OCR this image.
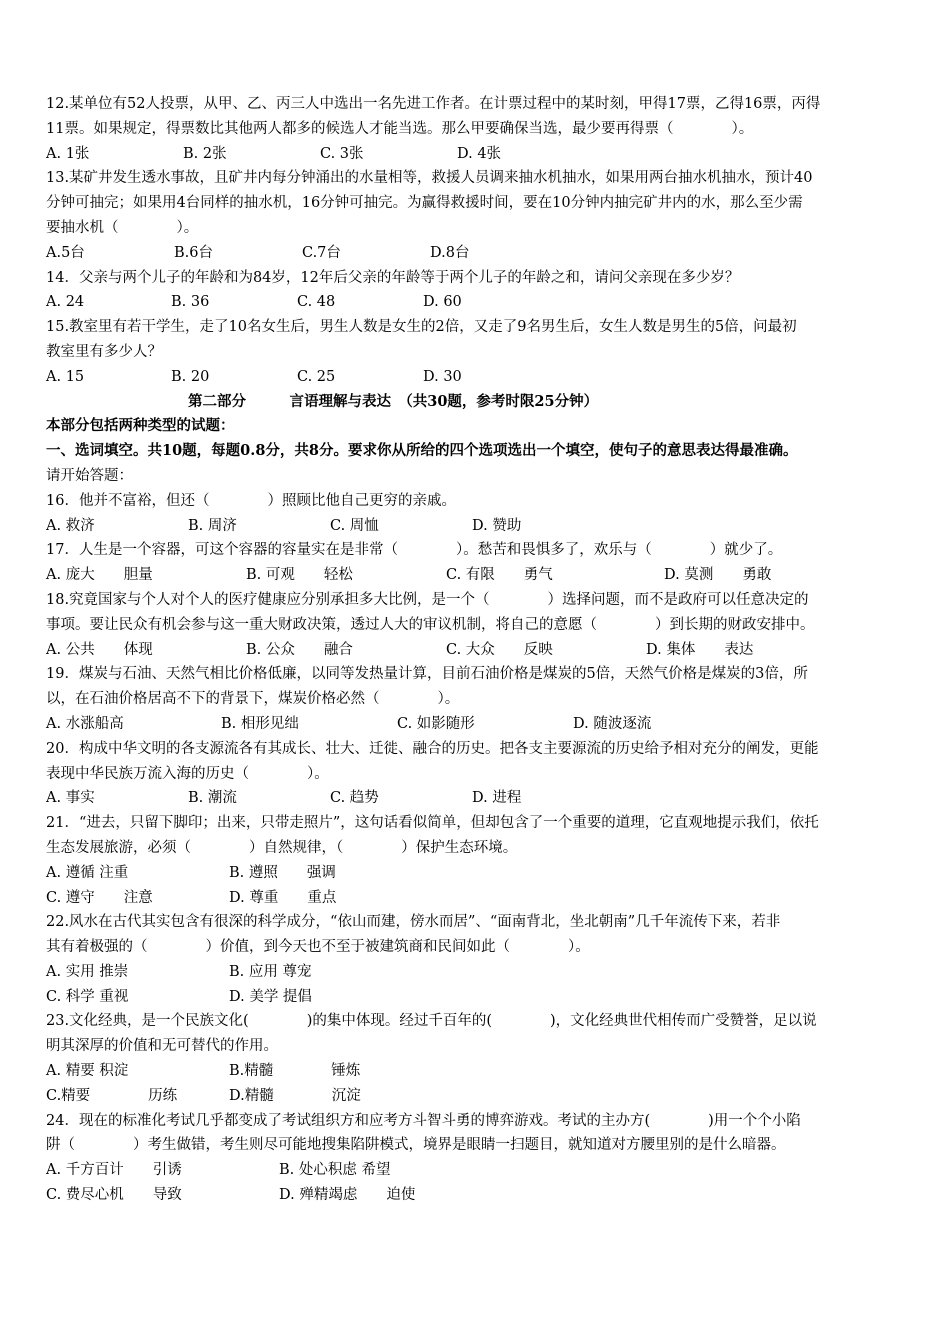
12.某单位有52人投票，从甲、乙、丙三人中选出一名先进工作者。在计票过程中的某时刻，甲得17票，乙得16票，丙得
11票。如果规定，得票数比其他两人都多的候选人才能当选。那么甲要确保当选，最少要再得票（　　　　）。
A. 1张	B. 2张	C. 3张	D. 4张
13.某矿井发生透水事故，且矿井内每分钟涌出的水量相等，救援人员调来抽水机抽水，如果用两台抽水机抽水，预计40
分钟可抽完；如果用4台同样的抽水机，16分钟可抽完。为赢得救援时间，要在10分钟内抽完矿井内的水，那么至少需
要抽水机（　　　　）。
A.5台	B.6台	C.7台	D.8台
14．父亲与两个儿子的年龄和为84岁，12年后父亲的年龄等于两个儿子的年龄之和，请问父亲现在多少岁？
A. 24	B. 36	C. 48	D. 60
15.教室里有若干学生，走了10名女生后，男生人数是女生的2倍，又走了9名男生后，女生人数是男生的5倍，问最初
教室里有多少人？
A. 15	B. 20	C. 25	D. 30
第二部分　　　言语理解与表达　（共30题，参考时限25分钟）
本部分包括两种类型的试题：
一、选词填空。共10题，每题0.8分，共8分。要求你从所给的四个选项选出一个填空，使句子的意思表达得最准确。
请开始答题：
16．他并不富裕，但还（　　　　）照顾比他自己更穷的亲戚。
A. 救济	B. 周济	C. 周恤	D. 赞助
17．人生是一个容器，可这个容器的容量实在是非常（　　　　）。愁苦和畏惧多了，欢乐与（　　　　）就少了。
A. 庞大　　胆量	B. 可观　　轻松	C. 有限　　勇气	D. 莫测　　勇敢
18.究竟国家与个人对个人的医疗健康应分别承担多大比例，是一个（　　　　）选择问题，而不是政府可以任意决定的
事项。要让民众有机会参与这一重大财政决策，透过人大的审议机制，将自己的意愿（　　　　）到长期的财政安排中。
A. 公共　　体现	B. 公众　　融合	C. 大众　　反映	D. 集体　　表达
19．煤炭与石油、天然气相比价格低廉，以同等发热量计算，目前石油价格是煤炭的5倍，天然气价格是煤炭的3倍，所
以，在石油价格居高不下的背景下，煤炭价格必然（　　　　）。
A. 水涨船高	B. 相形见绌	C. 如影随形	D. 随波逐流
20．构成中华文明的各支源流各有其成长、壮大、迁徙、融合的历史。把各支主要源流的历史给予相对充分的阐发，更能
表现中华民族万流入海的历史（　　　　）。
A. 事实	B. 潮流	C. 趋势	D. 进程
21．“进去，只留下脚印；出来，只带走照片”，这句话看似简单，但却包含了一个重要的道理，它直观地提示我们，依托
生态发展旅游，必须（　　　　）自然规律，（　　　　）保护生态环境。
A. 遵循 注重	B. 遵照　　强调
C. 遵守　　注意	D. 尊重　　重点
22.风水在古代其实包含有很深的科学成分，“依山而建，傍水而居”、“面南背北，坐北朝南”几千年流传下来，若非
其有着极强的（　　　　）价值，到今天也不至于被建筑商和民间如此（　　　　）。
A. 实用 推崇	B. 应用 尊宠
C. 科学 重视	D. 美学 提倡
23.文化经典，是一个民族文化(　　　　)的集中体现。经过千百年的(　　　　)，文化经典世代相传而广受赞誉，足以说
明其深厚的价值和无可替代的作用。
A. 精要 积淀	B.精髓　　　　锤炼
C.精要　　　　历练	D.精髓　　　　沉淀
24．现在的标准化考试几乎都变成了考试组织方和应考方斗智斗勇的博弈游戏。考试的主办方(　　　　)用一个个小陷
阱（　　　　）考生做错，考生则尽可能地搜集陷阱模式，境界是眼睛一扫题目，就知道对方腰里别的是什么暗器。
A. 千方百计　　引诱	B. 处心积虑 希望
C. 费尽心机　　导致	D. 殚精竭虑　　迫使
